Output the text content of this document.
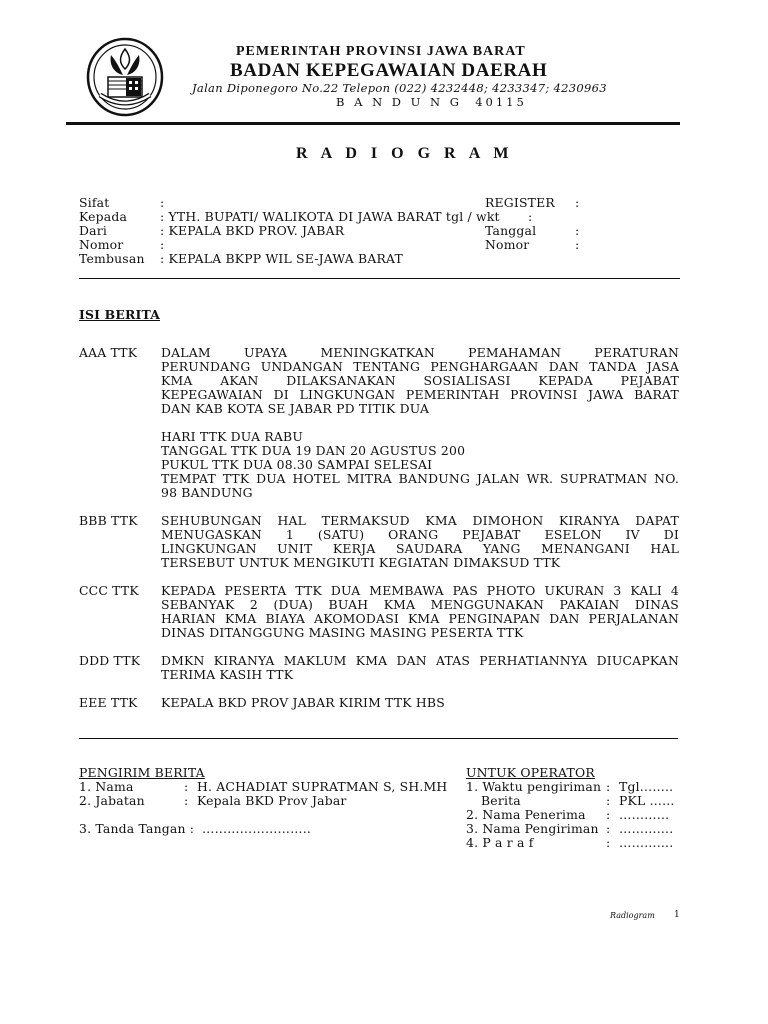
PEMERINTAH PROVINSI JAWA BARAT
BADAN KEPEGAWAIAN DAERAH
Jalan Diponegoro No.22 Telepon (022) 4232448; 4233347; 4230963
B A N D U N G  40115
R A D I O G R A M
Sifat	:
Kepada	: YTH. BUPATI/ WALIKOTA DI JAWA BARAT tgl / wkt :
Dari	: KEPALA BKD PROV. JABAR
Nomor	:
Tembusan : KEPALA BKPP WIL SE-JAWA BARAT
REGISTER :
Tanggal	:
Nomor	:
ISI BERITA
AAA TTK DALAM UPAYA MENINGKATKAN PEMAHAMAN PERATURAN
PERUNDANG UNDANGAN TENTANG PENGHARGAAN DAN TANDA JASA
KMA AKAN DILAKSANAKAN SOSIALISASI KEPADA PEJABAT
KEPEGAWAIAN DI LINGKUNGAN PEMERINTAH PROVINSI JAWA BARAT
DAN KAB KOTA SE JABAR PD TITIK DUA
HARI TTK DUA RABU
TANGGAL TTK DUA 19 DAN 20 AGUSTUS 200
PUKUL TTK DUA 08.30 SAMPAI SELESAI
TEMPAT TTK DUA HOTEL MITRA BANDUNG JALAN WR. SUPRATMAN NO.
98 BANDUNG
BBB TTK SEHUBUNGAN HAL TERMAKSUD KMA DIMOHON KIRANYA DAPAT
MENUGASKAN 1 (SATU) ORANG PEJABAT ESELON IV DI
LINGKUNGAN UNIT KERJA SAUDARA YANG MENANGANI HAL
TERSEBUT UNTUK MENGIKUTI KEGIATAN DIMAKSUD TTK
CCC TTK KEPADA PESERTA TTK DUA MEMBAWA PAS PHOTO UKURAN 3 KALI 4
SEBANYAK 2 (DUA) BUAH KMA MENGGUNAKAN PAKAIAN DINAS
HARIAN KMA BIAYA AKOMODASI KMA PENGINAPAN DAN PERJALANAN
DINAS DITANGGUNG MASING MASING PESERTA TTK
DDD TTK DMKN KIRANYA MAKLUM KMA DAN ATAS PERHATIANNYA DIUCAPKAN
TERIMA KASIH TTK
EEE TTK KEPALA BKD PROV JABAR KIRIM TTK HBS
PENGIRIM BERITA
1. Nama	: H. ACHADIAT SUPRATMAN S, SH.MH
2. Jabatan	: Kepala BKD Prov Jabar
3. Tanda Tangan : ……………………..
UNTUK OPERATOR
1. Waktu pengiriman : Tgl……..
Berita	: PKL …...
2. Nama Penerima : …………
3. Nama Pengiriman : ………....
4. P a r a f	: ………....
Radiogram 1
